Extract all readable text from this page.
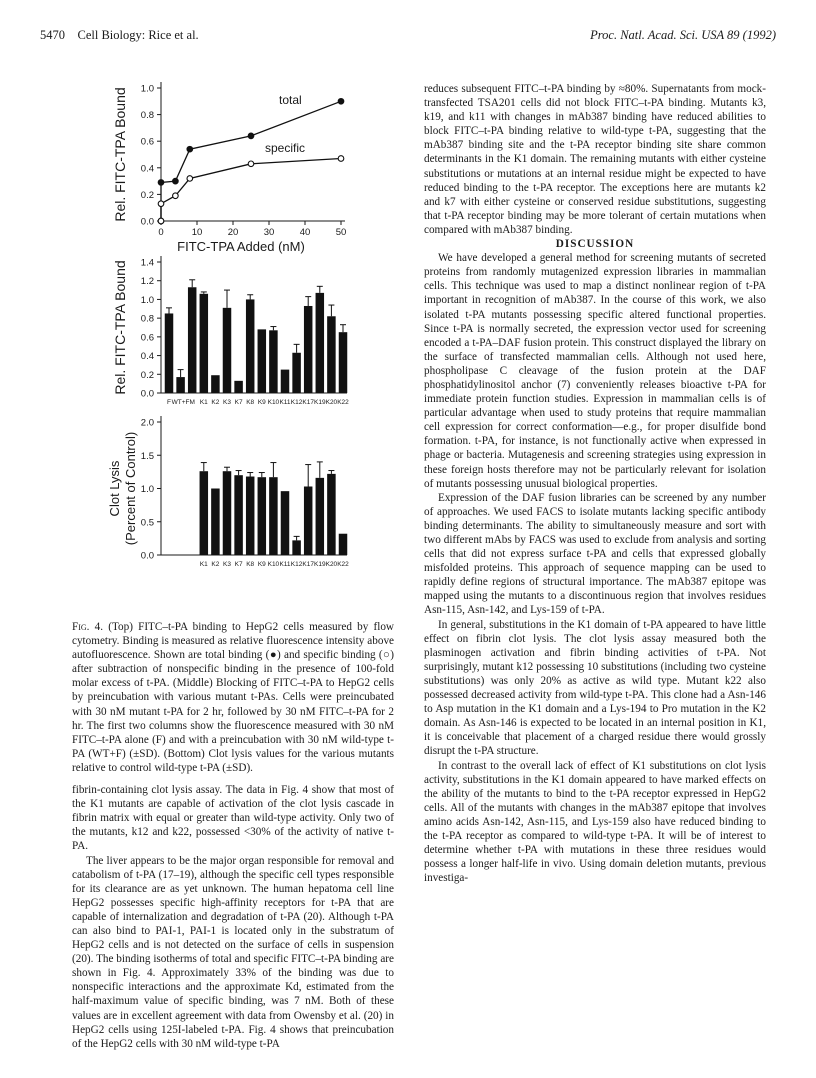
5470 Cell Biology: Rice et al.	Proc. Natl. Acad. Sci. USA 89 (1992)
0.0
0.2
0.4
0.6
0.8
1.0
Rel. FITC-TPA Bound
0	10	20	30	40	50
FITC-TPA Added (nM)
total
specific
0.0
0.2
0.4
0.6
0.8
1.0
1.2
1.4
Rel. FITC-TPA Bound
F WT+F M K1 K2 K3 K7 K8 K9 K10 K11 K12 K17 K19 K20 K22
0.0
0.5
1.0
1.5
2.0
Clot Lysis (Percent of Control)
K1 K2 K3 K7 K8 K9 K10 K11 K12 K17 K19 K20 K22

Fig. 4. (Top) FITC–t-PA binding to HepG2 cells measured by flow cytometry. Binding is measured as relative fluorescence intensity above autofluorescence. Shown are total binding (●) and specific binding (○) after subtraction of nonspecific binding in the presence of 100-fold molar excess of t-PA. (Middle) Blocking of FITC–t-PA to HepG2 cells by preincubation with various mutant t-PAs. Cells were preincubated with 30 nM mutant t-PA for 2 hr, followed by 30 nM FITC–t-PA for 2 hr. The first two columns show the fluorescence measured with 30 nM FITC–t-PA alone (F) and with a preincubation with 30 nM wild-type t-PA (WT+F) (±SD). (Bottom) Clot lysis values for the various mutants relative to control wild-type t-PA (±SD).

fibrin-containing clot lysis assay. The data in Fig. 4 show that most of the K1 mutants are capable of activation of the clot lysis cascade in fibrin matrix with equal or greater than wild-type activity. Only two of the mutants, k12 and k22, possessed <30% of the activity of native t-PA.

The liver appears to be the major organ responsible for removal and catabolism of t-PA (17–19), although the specific cell types responsible for its clearance are as yet unknown. The human hepatoma cell line HepG2 possesses specific high-affinity receptors for t-PA that are capable of internalization and degradation of t-PA (20). Although t-PA can also bind to PAI-1, PAI-1 is located only in the substratum of HepG2 cells and is not detected on the surface of cells in suspension (20). The binding isotherms of total and specific FITC–t-PA binding are shown in Fig. 4. Approximately 33% of the binding was due to nonspecific interactions and the approximate Kd, estimated from the half-maximum value of specific binding, was 7 nM. Both of these values are in excellent agreement with data from Owensby et al. (20) in HepG2 cells using 125I-labeled t-PA. Fig. 4 shows that preincubation of the HepG2 cells with 30 nM wild-type t-PA

reduces subsequent FITC–t-PA binding by ≈80%. Supernatants from mock-transfected TSA201 cells did not block FITC–t-PA binding. Mutants k3, k19, and k11 with changes in mAb387 binding have reduced abilities to block FITC–t-PA binding relative to wild-type t-PA, suggesting that the mAb387 binding site and the t-PA receptor binding site share common determinants in the K1 domain. The remaining mutants with either cysteine substitutions or mutations at an internal residue might be expected to have reduced binding to the t-PA receptor. The exceptions here are mutants k2 and k7 with either cysteine or conserved residue substitutions, suggesting that t-PA receptor binding may be more tolerant of certain mutations when compared with mAb387 binding.

DISCUSSION

We have developed a general method for screening mutants of secreted proteins from randomly mutagenized expression libraries in mammalian cells. This technique was used to map a distinct nonlinear region of t-PA important in recognition of mAb387. In the course of this work, we also isolated t-PA mutants possessing specific altered functional properties. Since t-PA is normally secreted, the expression vector used for screening encoded a t-PA–DAF fusion protein. This construct displayed the library on the surface of transfected mammalian cells. Although not used here, phospholipase C cleavage of the fusion protein at the DAF phosphatidylinositol anchor (7) conveniently releases bioactive t-PA for immediate protein function studies. Expression in mammalian cells is of particular advantage when used to study proteins that require mammalian cell expression for correct conformation—e.g., for proper disulfide bond formation. t-PA, for instance, is not functionally active when expressed in phage or bacteria. Mutagenesis and screening strategies using expression in these foreign hosts therefore may not be particularly relevant for isolation of mutants possessing unusual biological properties.

Expression of the DAF fusion libraries can be screened by any number of approaches. We used FACS to isolate mutants lacking specific antibody binding determinants. The ability to simultaneously measure and sort with two different mAbs by FACS was used to exclude from analysis and sorting cells that did not express surface t-PA and cells that expressed globally misfolded proteins. This approach of sequence mapping can be used to rapidly define regions of structural importance. The mAb387 epitope was mapped using the mutants to a discontinuous region that involves residues Asn-115, Asn-142, and Lys-159 of t-PA.

In general, substitutions in the K1 domain of t-PA appeared to have little effect on fibrin clot lysis. The clot lysis assay measured both the plasminogen activation and fibrin binding activities of t-PA. Not surprisingly, mutant k12 possessing 10 substitutions (including two cysteine substitutions) was only 20% as active as wild type. Mutant k22 also possessed decreased activity from wild-type t-PA. This clone had a Asn-146 to Asp mutation in the K1 domain and a Lys-194 to Pro mutation in the K2 domain. As Asn-146 is expected to be located in an internal position in K1, it is conceivable that placement of a charged residue there would grossly disrupt the t-PA structure.

In contrast to the overall lack of effect of K1 substitutions on clot lysis activity, substitutions in the K1 domain appeared to have marked effects on the ability of the mutants to bind to the t-PA receptor expressed in HepG2 cells. All of the mutants with changes in the mAb387 epitope that involves amino acids Asn-142, Asn-115, and Lys-159 also have reduced binding to the t-PA receptor as compared to wild-type t-PA. It will be of interest to determine whether t-PA with mutations in these three residues would possess a longer half-life in vivo. Using domain deletion mutants, previous investiga-
